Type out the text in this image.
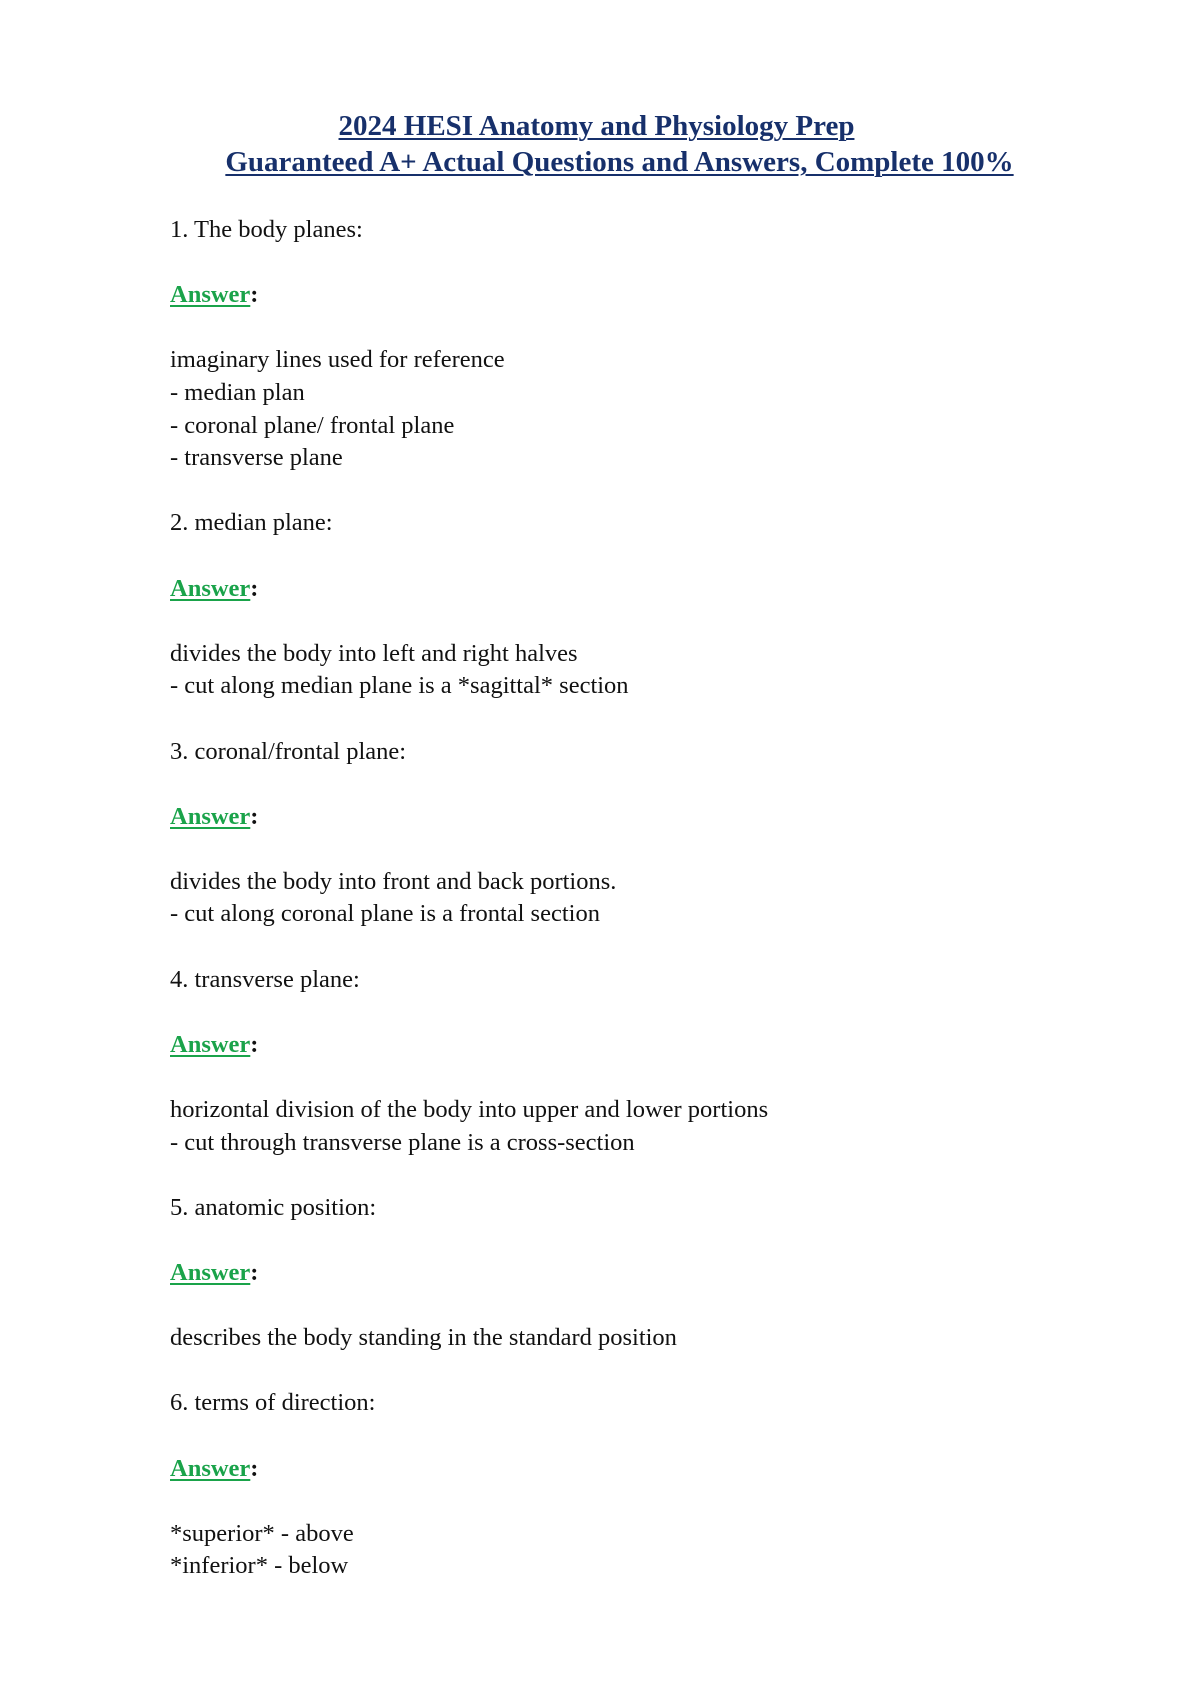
2024 HESI Anatomy and Physiology Prep
Guaranteed A+ Actual Questions and Answers, Complete 100%
1. The body planes:
Answer:
imaginary lines used for reference
- median plan
- coronal plane/ frontal plane
- transverse plane
2. median plane:
Answer:
divides the body into left and right halves
- cut along median plane is a *sagittal* section
3. coronal/frontal plane:
Answer:
divides the body into front and back portions.
- cut along coronal plane is a frontal section
4. transverse plane:
Answer:
horizontal division of the body into upper and lower portions
- cut through transverse plane is a cross-section
5. anatomic position:
Answer:
describes the body standing in the standard position
6. terms of direction:
Answer:
*superior* - above
*inferior* - below
